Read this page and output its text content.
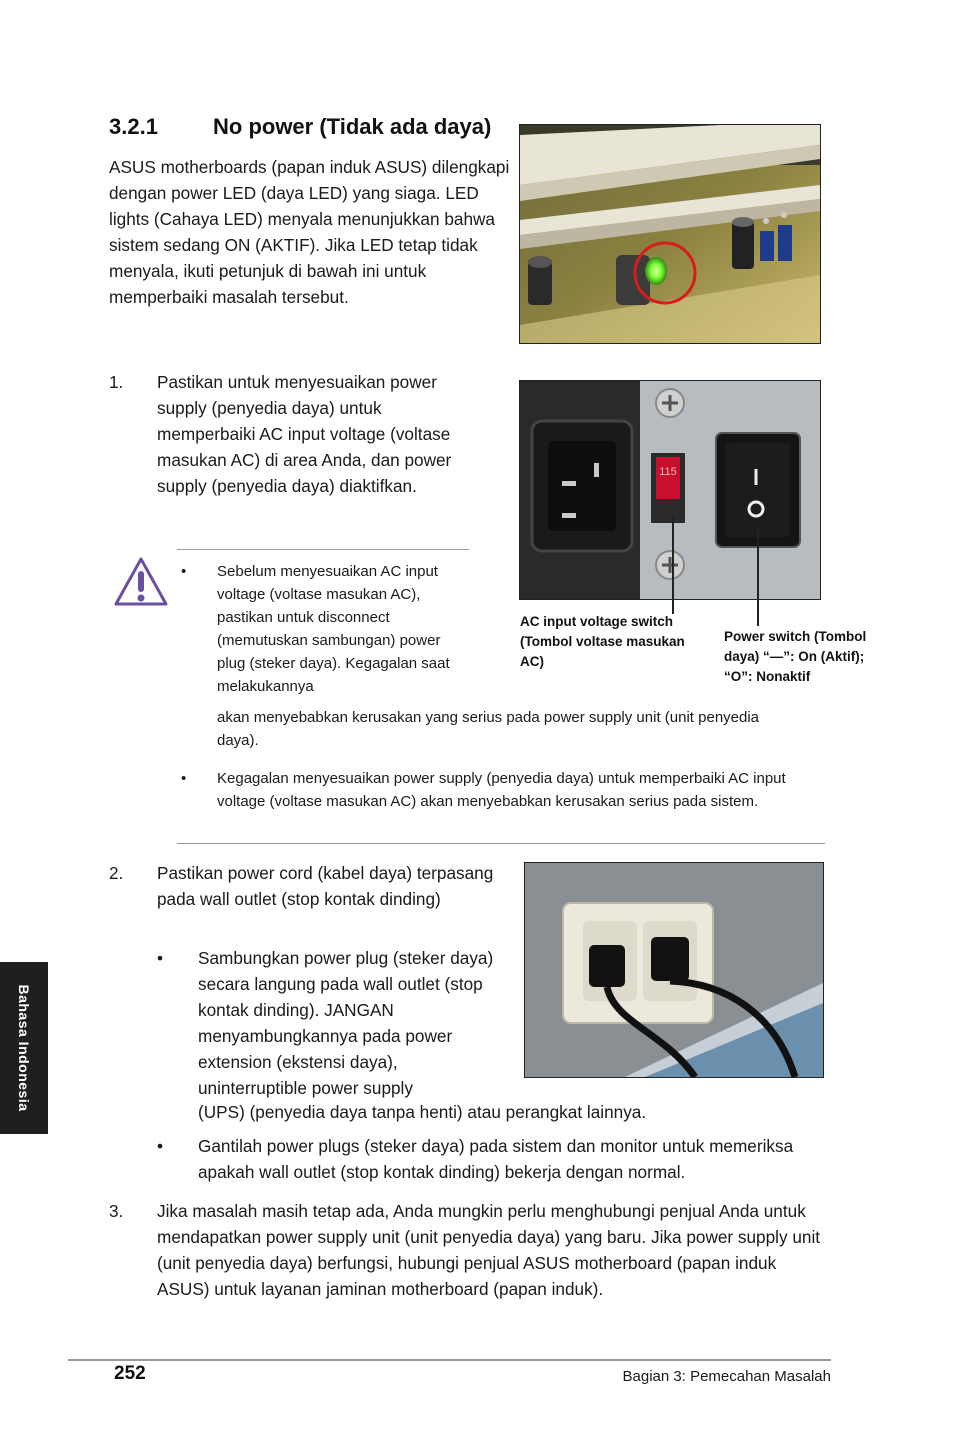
3.2.1	No power (Tidak ada daya)
ASUS motherboards (papan induk ASUS) dilengkapi dengan power LED (daya LED) yang siaga. LED lights (Cahaya LED) menyala menunjukkan bahwa sistem sedang ON (AKTIF). Jika LED tetap tidak menyala, ikuti petunjuk di bawah ini untuk memperbaiki masalah tersebut.
1. Pastikan untuk menyesuaikan power supply (penyedia daya) untuk memperbaiki AC input voltage (voltase masukan AC) di area Anda, dan power supply (penyedia daya) diaktifkan.
115
AC input voltage switch (Tombol voltase masukan AC)
Power switch (Tombol daya) “—”: On (Aktif); “O”: Nonaktif
• Sebelum menyesuaikan AC input voltage (voltase masukan AC), pastikan untuk disconnect (memutuskan sambungan) power plug (steker daya). Kegagalan saat melakukannya
akan menyebabkan kerusakan yang serius pada power supply unit (unit penyedia daya).
• Kegagalan menyesuaikan power supply (penyedia daya) untuk memperbaiki AC input voltage (voltase masukan AC) akan menyebabkan kerusakan serius pada sistem.
2. Pastikan power cord (kabel daya) terpasang pada wall outlet (stop kontak dinding)
• Sambungkan power plug (steker daya) secara langung pada wall outlet (stop kontak dinding). JANGAN menyambungkannya pada power extension (ekstensi daya), uninterruptible power supply
(UPS) (penyedia daya tanpa henti) atau perangkat lainnya.
• Gantilah power plugs (steker daya) pada sistem dan monitor untuk memeriksa apakah wall outlet (stop kontak dinding) bekerja dengan normal.
3. Jika masalah masih tetap ada, Anda mungkin perlu menghubungi penjual Anda untuk mendapatkan power supply unit (unit penyedia daya) yang baru. Jika power supply unit (unit penyedia daya) berfungsi, hubungi penjual ASUS motherboard (papan induk ASUS) untuk layanan jaminan motherboard (papan induk).
Bahasa Indonesia
252	Bagian 3: Pemecahan Masalah
